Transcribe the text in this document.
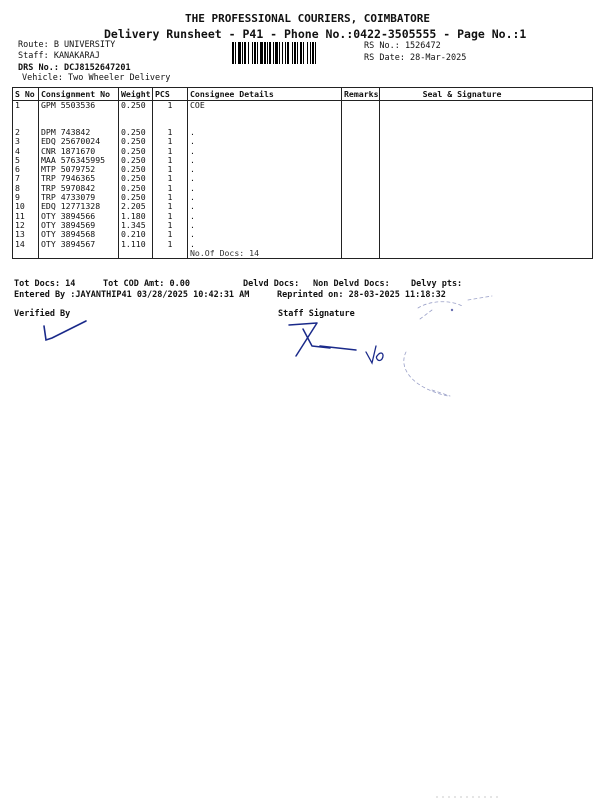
THE PROFESSIONAL COURIERS, COIMBATORE
Delivery Runsheet - P41 - Phone No.:0422-3505555 - Page No.:1
Route: B UNIVERSITY
Staff: KANAKARAJ
DRS No.: DCJ8152647201
Vehicle: Two Wheeler Delivery
RS No.: 1526472
RS Date: 28-Mar-2025
S No	Consignment No	Weight	PCS	Consignee Details	Remarks	Seal & Signature
1	GPM 5503536	0.250	1	COE		
2	DPM 743842	0.250	1	.		
3	EDQ 25670024	0.250	1	.		
4	CNR 1871670	0.250	1	.		
5	MAA 576345995	0.250	1	.		
6	MTP 5079752	0.250	1	.		
7	TRP 7946365	0.250	1	.		
8	TRP 5970842	0.250	1	.		
9	TRP 4733079	0.250	1	.		
10	EDQ 12771328	2.205	1	.		
11	OTY 3894566	1.180	1	.		
12	OTY 3894569	1.345	1	.		
13	OTY 3894568	0.210	1	.		
14	OTY 3894567	1.110	1	.		
				No.Of Docs: 14		
Tot Docs: 14	Tot COD Amt: 0.00	Delvd Docs: Non Delvd Docs: Delvy pts:
Entered By :JAYANTHIP41 03/28/2025 10:42:31 AM	Reprinted on: 28-03-2025 11:18:32
Verified By	Staff Signature
